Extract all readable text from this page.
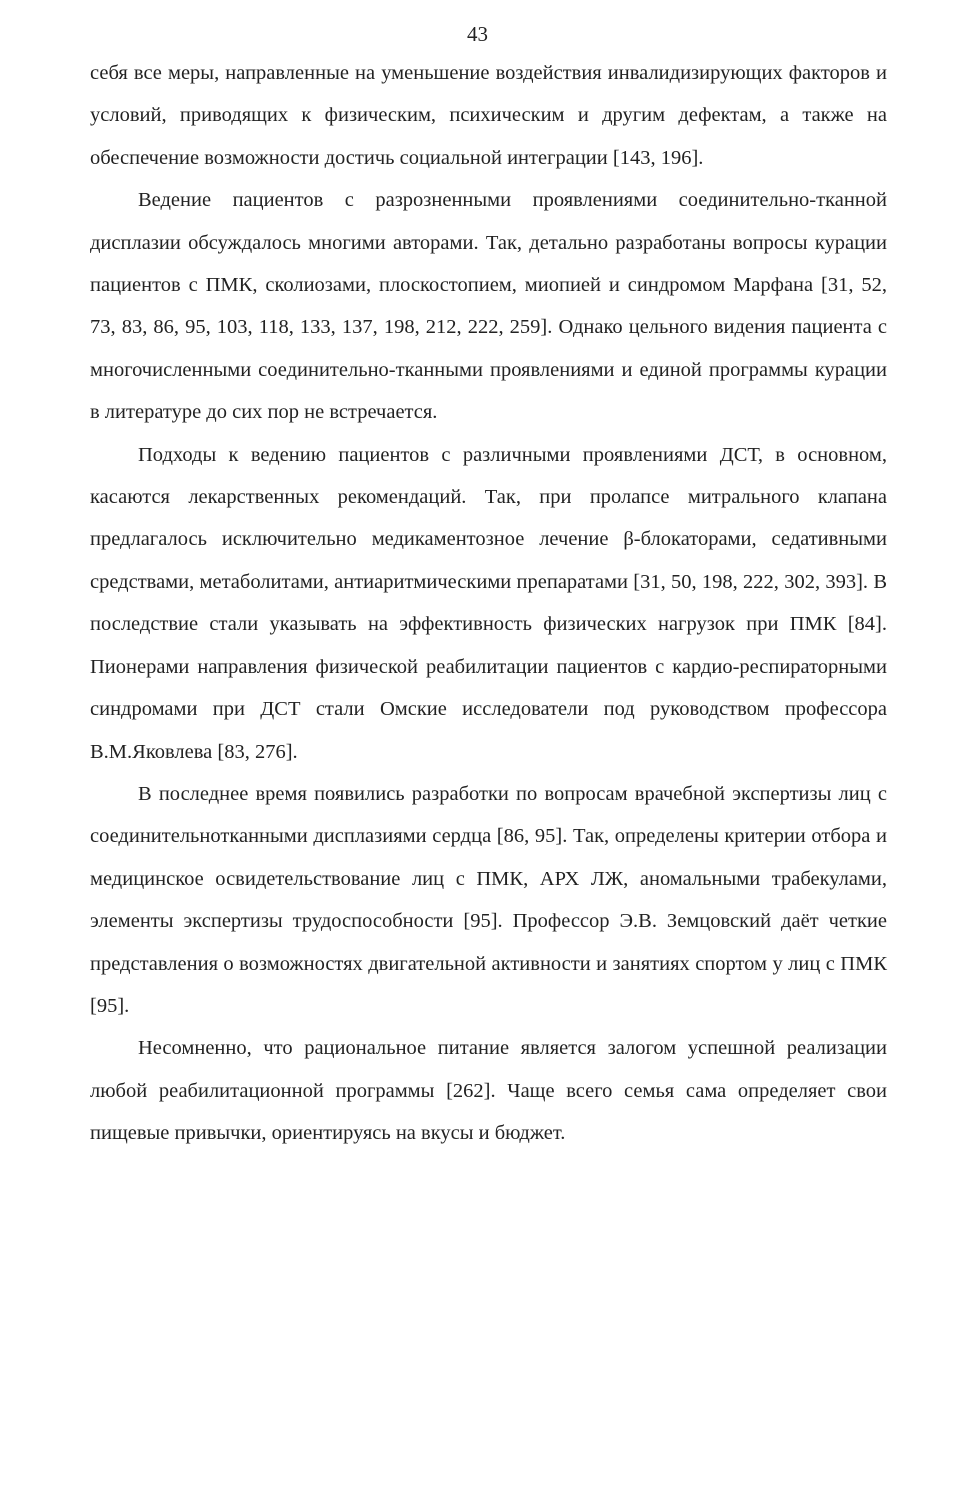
43

себя все меры, направленные на уменьшение воздействия инвалидизирующих факторов и условий, приводящих к физическим, психическим и другим дефектам, а также на обеспечение возможности достичь социальной интеграции [143, 196].

Ведение пациентов с разрозненными проявлениями соединительно-тканной дисплазии обсуждалось многими авторами. Так, детально разработаны вопросы курации пациентов с ПМК, сколиозами, плоскостопием, миопией и синдромом Марфана [31, 52, 73, 83, 86, 95, 103, 118, 133, 137, 198, 212, 222, 259]. Однако цельного видения пациента с многочисленными соединительно-тканными проявлениями и единой программы курации в литературе до сих пор не встречается.

Подходы к ведению пациентов с различными проявлениями ДСТ, в основном, касаются лекарственных рекомендаций. Так, при пролапсе митрального клапана предлагалось исключительно медикаментозное лечение β-блокаторами, седативными средствами, метаболитами, антиаритмическими препаратами [31, 50, 198, 222, 302, 393]. В последствие стали указывать на эффективность физических нагрузок при ПМК [84]. Пионерами направления физической реабилитации пациентов с кардио-респираторными синдромами при ДСТ стали Омские исследователи под руководством профессора В.М.Яковлева [83, 276].

В последнее время появились разработки по вопросам врачебной экспертизы лиц с соединительнотканными дисплазиями сердца [86, 95]. Так, определены критерии отбора и медицинское освидетельствование лиц с ПМК, АРХ ЛЖ, аномальными трабекулами, элементы экспертизы трудоспособности [95]. Профессор Э.В. Земцовский даёт четкие представления о возможностях двигательной активности и занятиях спортом у лиц с ПМК [95].

Несомненно, что рациональное питание является залогом успешной реализации любой реабилитационной программы [262]. Чаще всего семья сама определяет свои пищевые привычки, ориентируясь на вкусы и бюджет.
